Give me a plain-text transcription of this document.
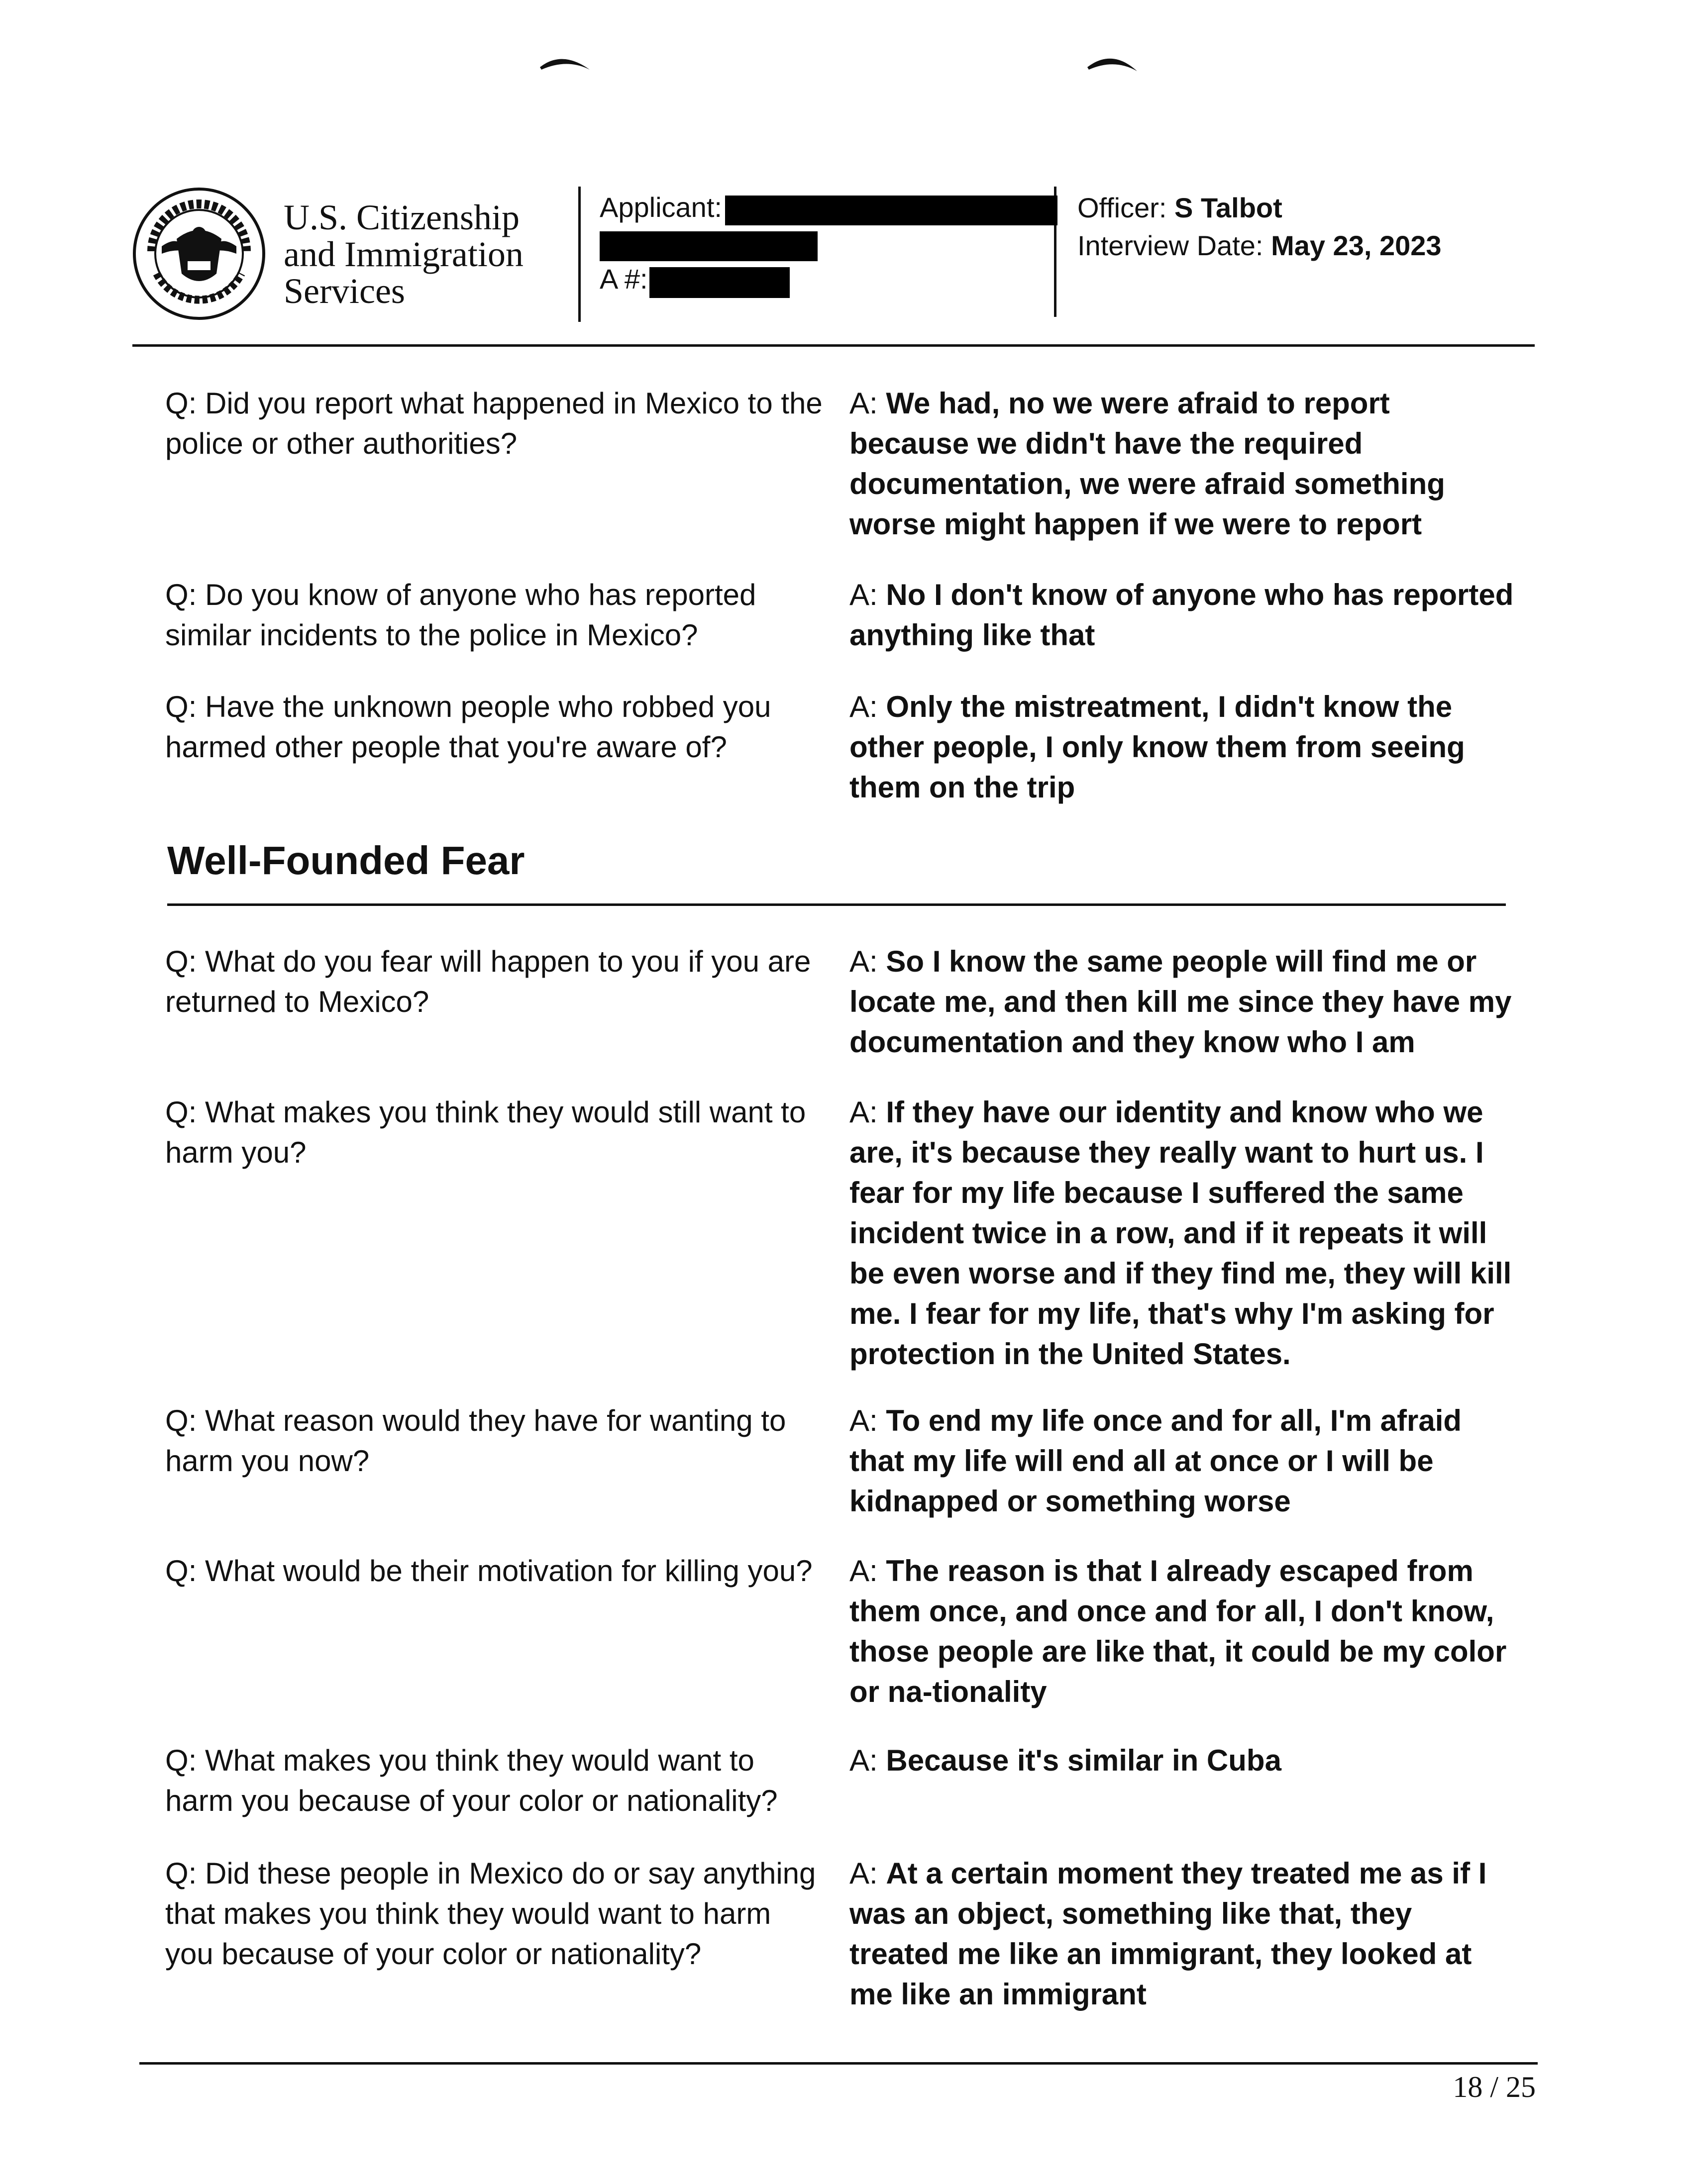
U.S. Citizenship
and Immigration
Services
Applicant:
A #:
Officer: S Talbot
Interview Date: May 23, 2023
Q: Did you report what happened in Mexico to the police or other authorities?
A: We had, no we were afraid to report because we didn't have the required documentation, we were afraid something worse might happen if we were to report
Q: Do you know of anyone who has reported similar incidents to the police in Mexico?
A: No I don't know of anyone who has reported anything like that
Q: Have the unknown people who robbed you harmed other people that you're aware of?
A: Only the mistreatment, I didn't know the other people, I only know them from seeing them on the trip
Well-Founded Fear
Q: What do you fear will happen to you if you are returned to Mexico?
A: So I know the same people will find me or locate me, and then kill me since they have my documentation and they know who I am
Q: What makes you think they would still want to harm you?
A: If they have our identity and know who we are, it's because they really want to hurt us. I fear for my life because I suffered the same incident twice in a row, and if it repeats it will be even worse and if they find me, they will kill me. I fear for my life, that's why I'm asking for protection in the United States.
Q: What reason would they have for wanting to harm you now?
A: To end my life once and for all, I'm afraid that my life will end all at once or I will be kidnapped or something worse
Q: What would be their motivation for killing you?	A: The reason is that I already escaped from them once, and once and for all, I don't know, those people are like that, it could be my color or na-tionality
Q: What makes you think they would want to harm you because of your color or nationality?
A: Because it's similar in Cuba
Q: Did these people in Mexico do or say anything that makes you think they would want to harm you because of your color or nationality?
A: At a certain moment they treated me as if I was an object, something like that, they treated me like an immigrant, they looked at me like an immigrant
18 / 25
